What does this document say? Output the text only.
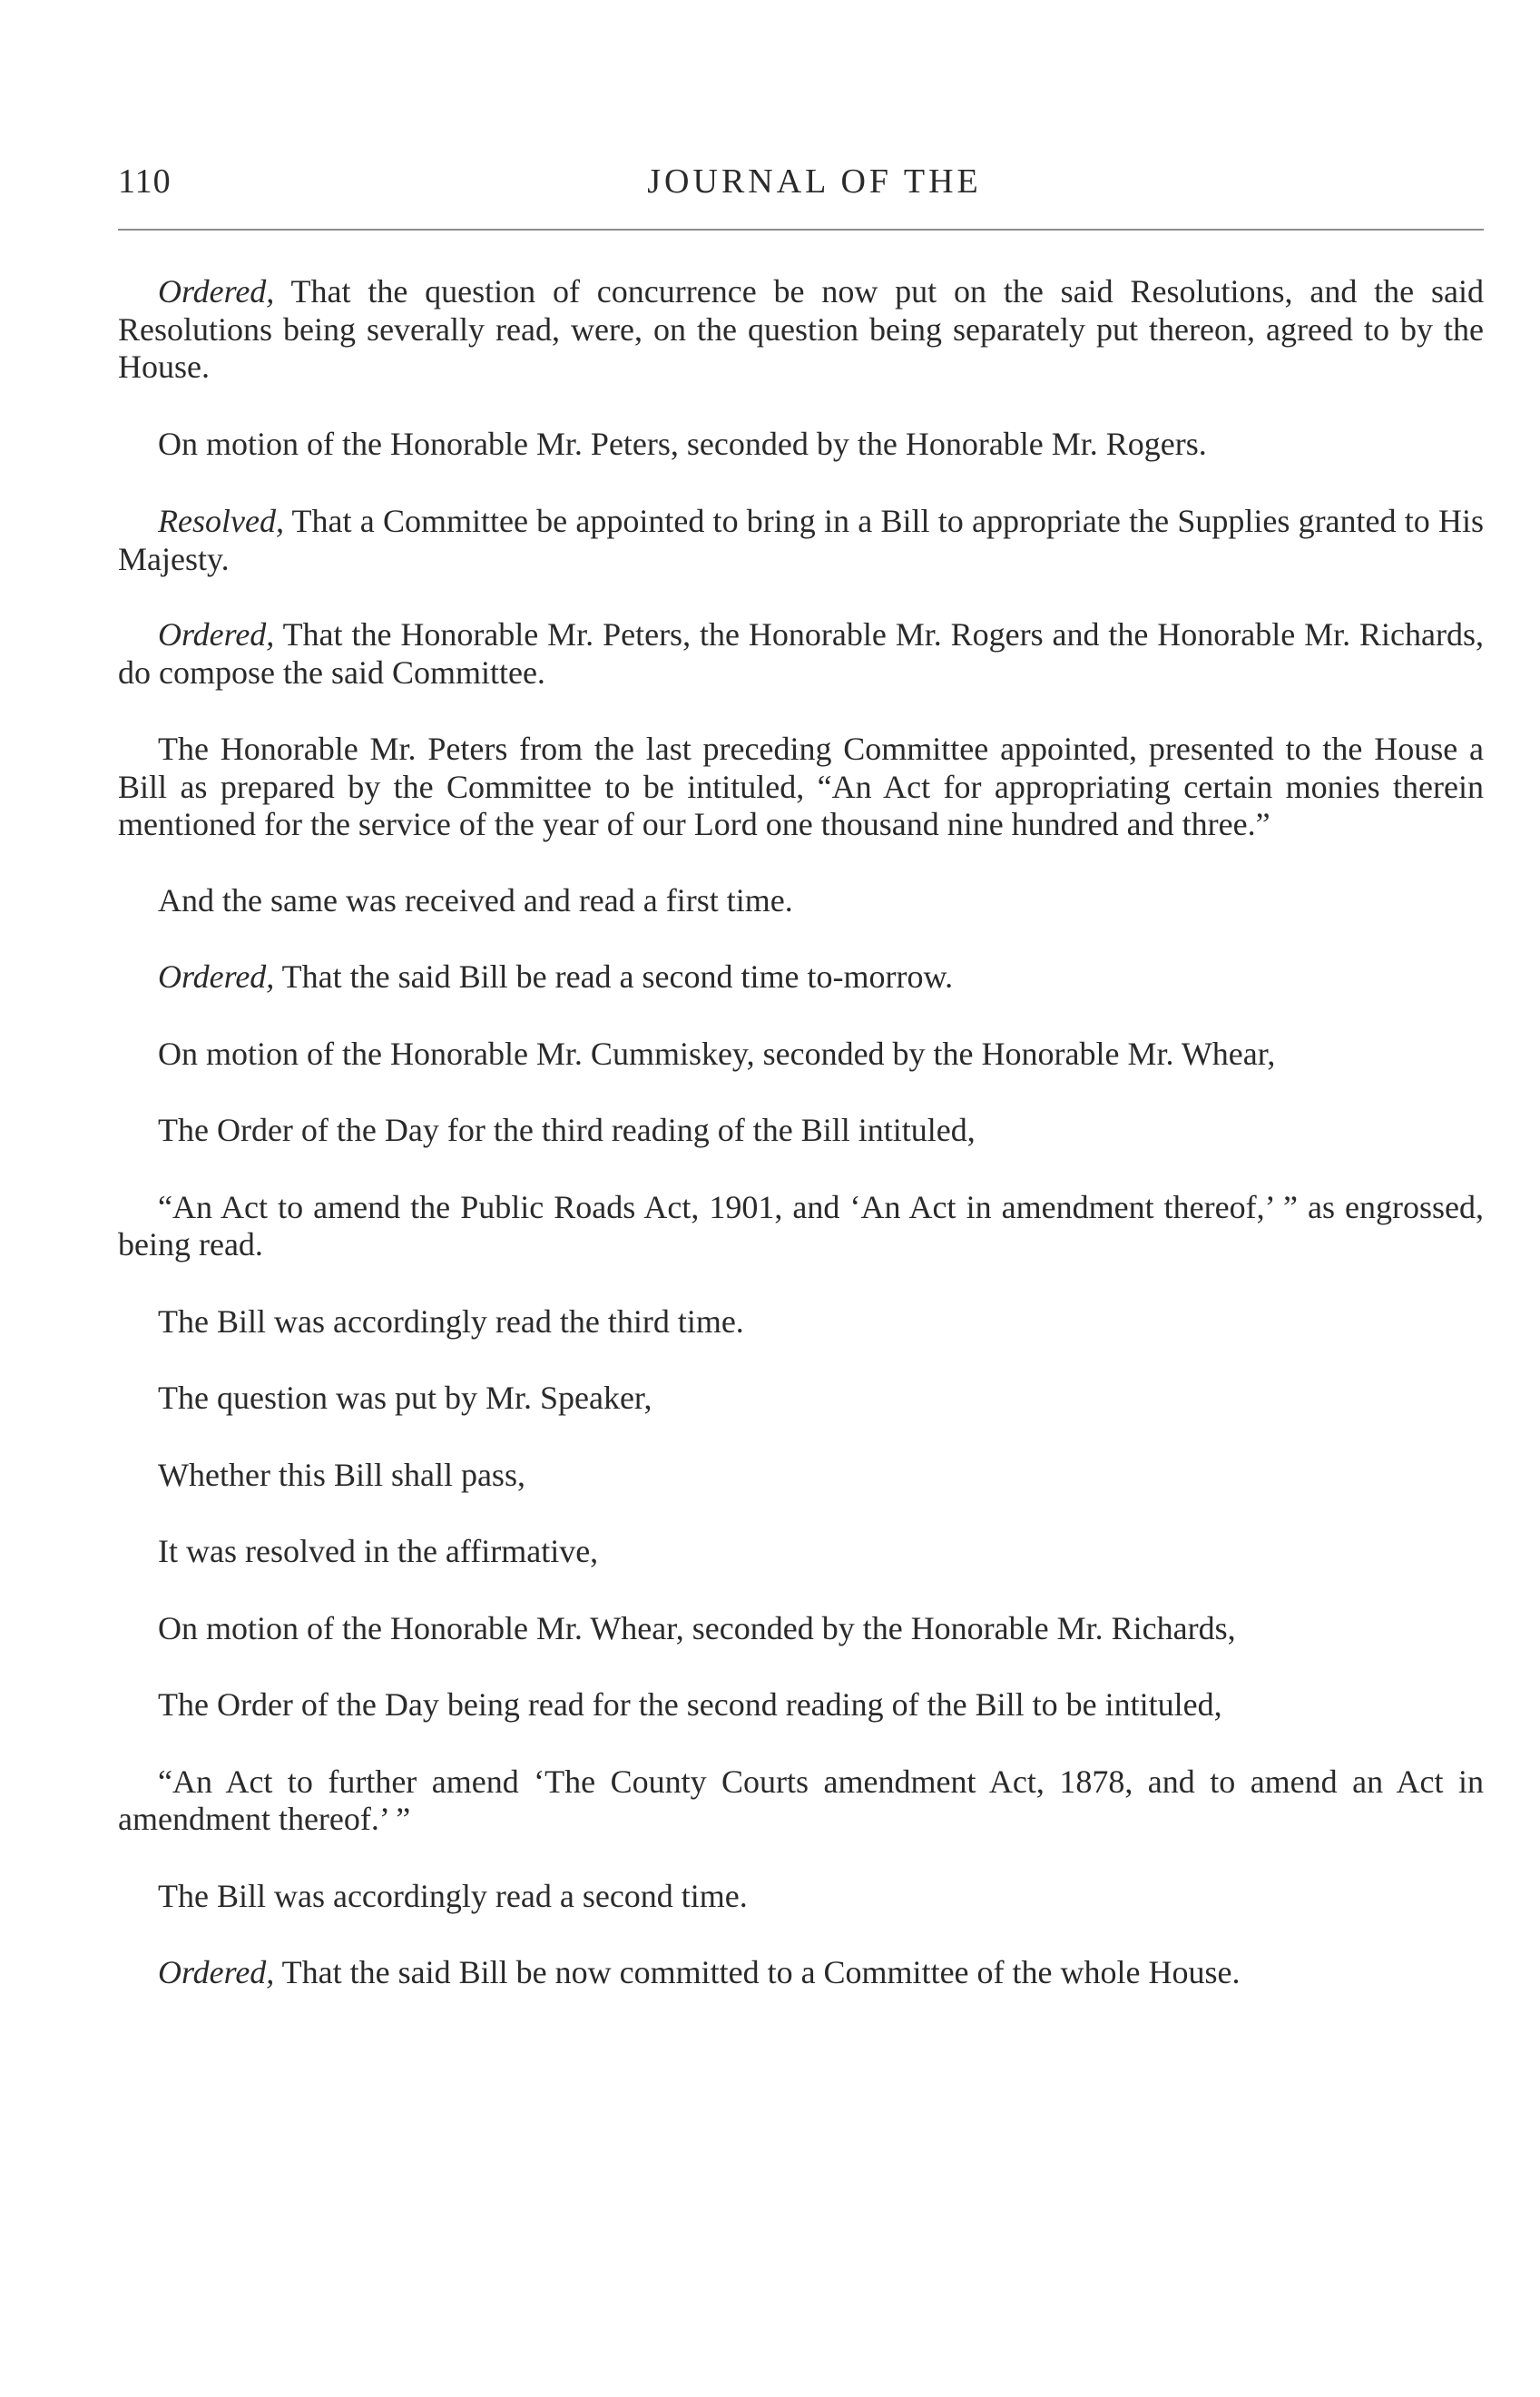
110	JOURNAL OF THE

Ordered, That the question of concurrence be now put on the said Resolutions, and the said Resolutions being severally read, were, on the question being separately put thereon, agreed to by the House.

On motion of the Honorable Mr. Peters, seconded by the Honorable Mr. Rogers.

Resolved, That a Committee be appointed to bring in a Bill to appropriate the Supplies granted to His Majesty.

Ordered, That the Honorable Mr. Peters, the Honorable Mr. Rogers and the Honorable Mr. Richards, do compose the said Committee.

The Honorable Mr. Peters from the last preceding Committee appointed, presented to the House a Bill as prepared by the Committee to be intituled, “An Act for appropriating certain monies therein mentioned for the service of the year of our Lord one thousand nine hundred and three.”

And the same was received and read a first time.

Ordered, That the said Bill be read a second time to-morrow.

On motion of the Honorable Mr. Cummiskey, seconded by the Honorable Mr. Whear,

The Order of the Day for the third reading of the Bill intituled,

“An Act to amend the Public Roads Act, 1901, and ‘An Act in amendment thereof,’ ” as engrossed, being read.

The Bill was accordingly read the third time.

The question was put by Mr. Speaker,

Whether this Bill shall pass,

It was resolved in the affirmative,

On motion of the Honorable Mr. Whear, seconded by the Honorable Mr. Richards,

The Order of the Day being read for the second reading of the Bill to be intituled,

“An Act to further amend ‘The County Courts amendment Act, 1878, and to amend an Act in amendment thereof.’ ”

The Bill was accordingly read a second time.

Ordered, That the said Bill be now committed to a Committee of the whole House.
